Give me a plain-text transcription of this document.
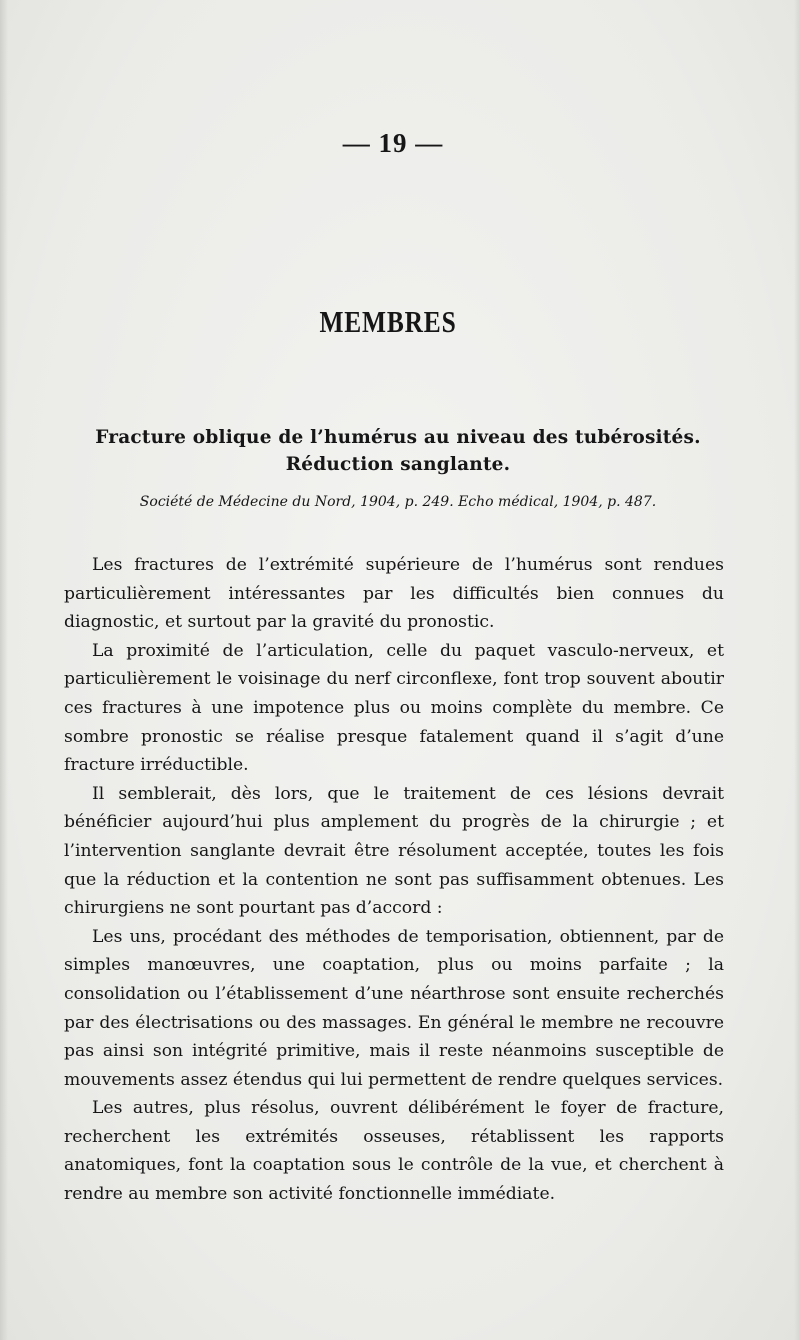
— 19 —
MEMBRES
Fracture oblique de l’humérus au niveau des tubérosités.
Réduction sanglante.
Société de Médecine du Nord, 1904, p. 249. Echo médical, 1904, p. 487.

Les fractures de l’extrémité supérieure de l’humérus sont rendues particulièrement intéressantes par les difficultés bien connues du diagnostic, et surtout par la gravité du pronostic.

La proximité de l’articulation, celle du paquet vasculo-nerveux, et particulièrement le voisinage du nerf circonflexe, font trop souvent aboutir ces fractures à une impotence plus ou moins complète du membre. Ce sombre pronostic se réalise presque fatalement quand il s’agit d’une fracture irréductible.

Il semblerait, dès lors, que le traitement de ces lésions devrait bénéficier aujourd’hui plus amplement du progrès de la chirurgie ; et l’intervention sanglante devrait être résolument acceptée, toutes les fois que la réduction et la contention ne sont pas suffisamment obtenues. Les chirurgiens ne sont pourtant pas d’accord :

Les uns, procédant des méthodes de temporisation, obtiennent, par de simples manœuvres, une coaptation, plus ou moins parfaite ; la consolidation ou l’établissement d’une néarthrose sont ensuite recherchés par des électrisations ou des massages. En général le membre ne recouvre pas ainsi son intégrité primitive, mais il reste néanmoins susceptible de mouvements assez étendus qui lui permettent de rendre quelques services.

Les autres, plus résolus, ouvrent délibérément le foyer de fracture, recherchent les extrémités osseuses, rétablissent les rapports anatomiques, font la coaptation sous le contrôle de la vue, et cherchent à rendre au membre son activité fonctionnelle immédiate.
